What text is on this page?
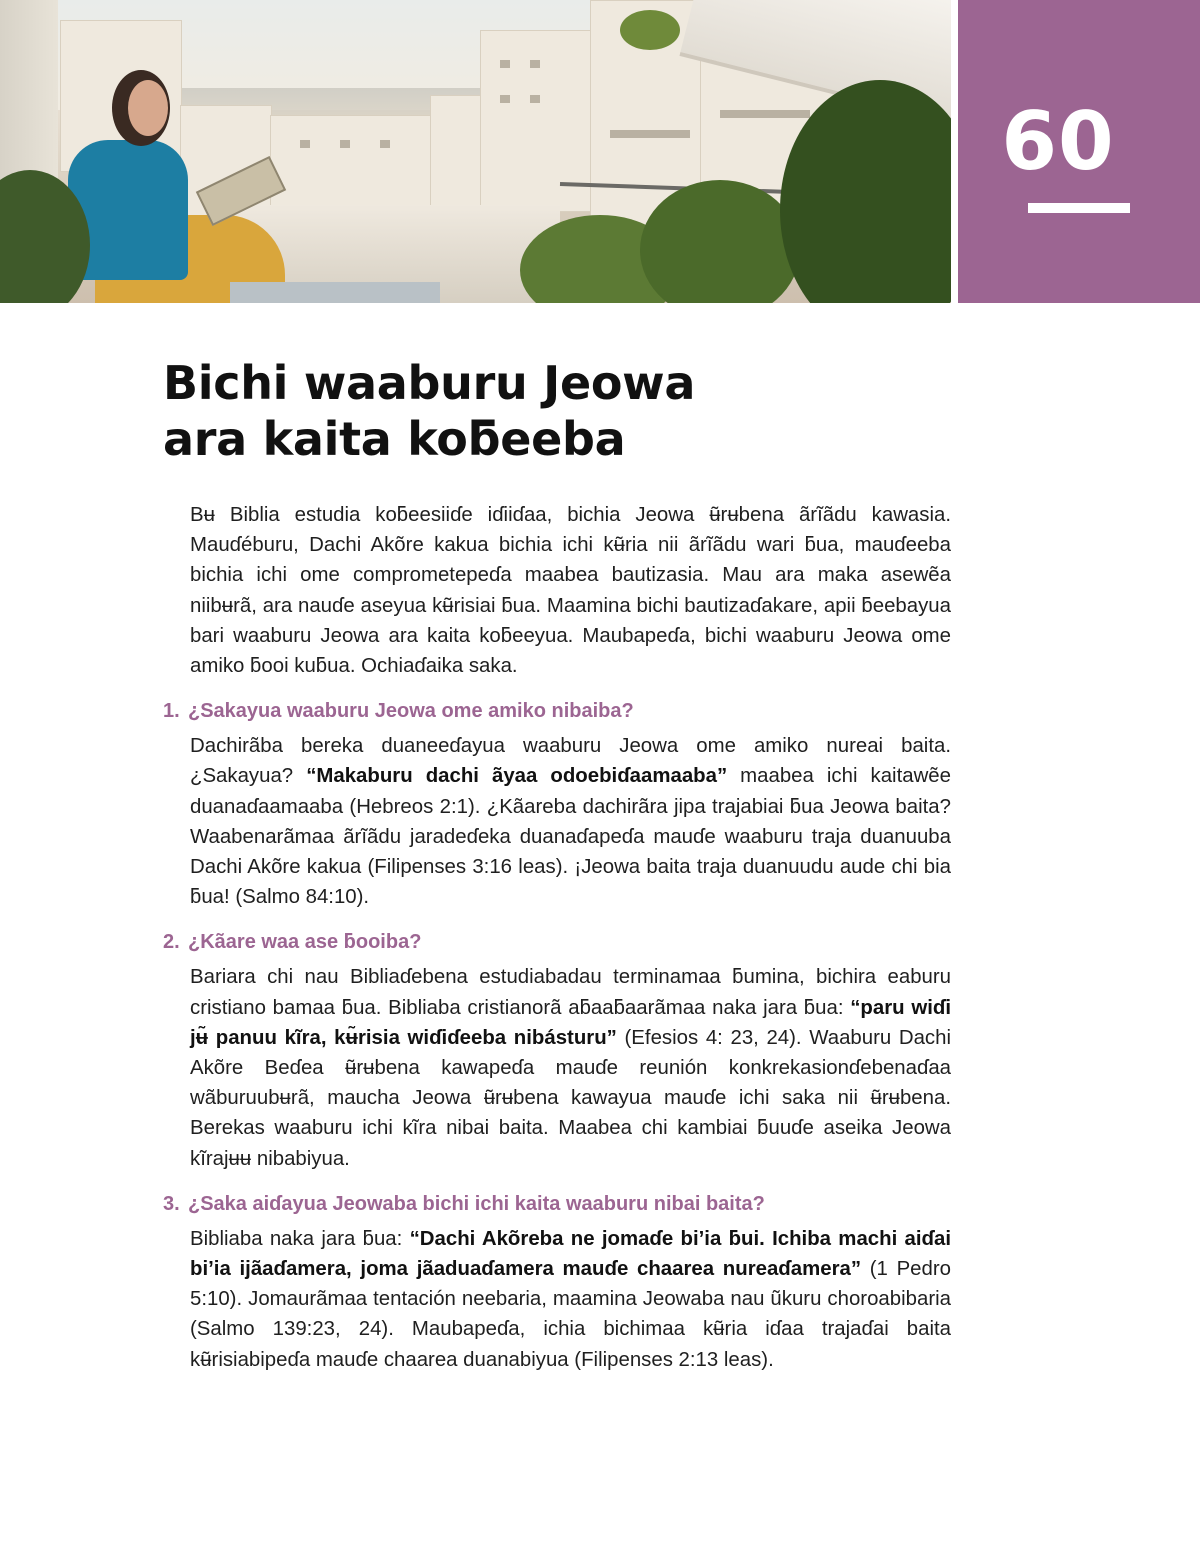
60
Bichi waaburu Jeowa
ara kaita koƃeeba

Bʉ Biblia estudia koƃeesiiɗe iɗiiɗaa, bichia Jeowa ʉ̃rʉbena ãrĩãdu kawasia. Mauɗéburu, Dachi Akõre kakua bichia ichi kʉ̃ria nii ãrĩãdu wari ƃua, mauɗeeba bichia ichi ome comprometepeɗa maabea bautizasia. Mau ara maka asewẽa niibʉrã, ara nauɗe aseyua kʉ̃risiai ƃua. Maamina bichi bautizaɗakare, apii ƃeebayua bari waaburu Jeowa ara kaita koƃeeyua. Maubapeɗa, bichi waaburu Jeowa ome amiko ƃooi kuƃua. Ochiaɗaika saka.

1. ¿Sakayua waaburu Jeowa ome amiko nibaiba?

Dachirãba bereka duaneeɗayua waaburu Jeowa ome amiko nureai baita. ¿Sakayua? “Makaburu dachi ãyaa odoebiɗaamaaba” maabea ichi kaitawẽe duanaɗaamaaba (Hebreos 2:1). ¿Kãareba dachirãra jipa trajabiai ƃua Jeowa baita? Waabenarãmaa ãrĩãdu jaradeɗeka duanaɗapeɗa mauɗe waaburu traja duanuuba Dachi Akõre kakua (Filipenses 3:16 leas). ¡Jeowa baita traja duanuudu aude chi bia ƃua! (Salmo 84:10).

2. ¿Kãare waa ase ƃooiba?

Bariara chi nau Bibliaɗebena estudiabadau terminamaa ƃumina, bichira eaburu cristiano bamaa ƃua. Bibliaba cristianorã aƃaaƃaarãmaa naka jara ƃua: “paru wiɗi jʉ̃ panuu kĩra, kʉ̃risia wiɗiɗeeba nibásturu” (Efesios 4: 23, 24). Waaburu Dachi Akõre Beɗea ʉ̃rʉbena kawapeɗa mauɗe reunión konkrekasionɗebenaɗaa wãburuubʉrã, maucha Jeowa ʉ̃rʉbena kawayua mauɗe ichi saka nii ʉ̃rʉbena. Berekas waaburu ichi kĩra nibai baita. Maabea chi kambiai ƃuuɗe aseika Jeowa kĩrajʉʉ nibabiyua.

3. ¿Saka aiɗayua Jeowaba bichi ichi kaita waaburu nibai baita?

Bibliaba naka jara ƃua: “Dachi Akõreba ne jomaɗe bi’ia ƃui. Ichiba machi aiɗai bi’ia ijãaɗamera, joma jãaduaɗamera mauɗe chaarea nureaɗamera” (1 Pedro 5:10). Jomaurãmaa tentación neebaria, maamina Jeowaba nau ũkuru choroabibaria (Salmo 139:23, 24). Maubapeɗa, ichia bichimaa kʉ̃ria iɗaa trajaɗai baita kʉ̃risiabipeɗa mauɗe chaarea duanabiyua (Filipenses 2:13 leas).
